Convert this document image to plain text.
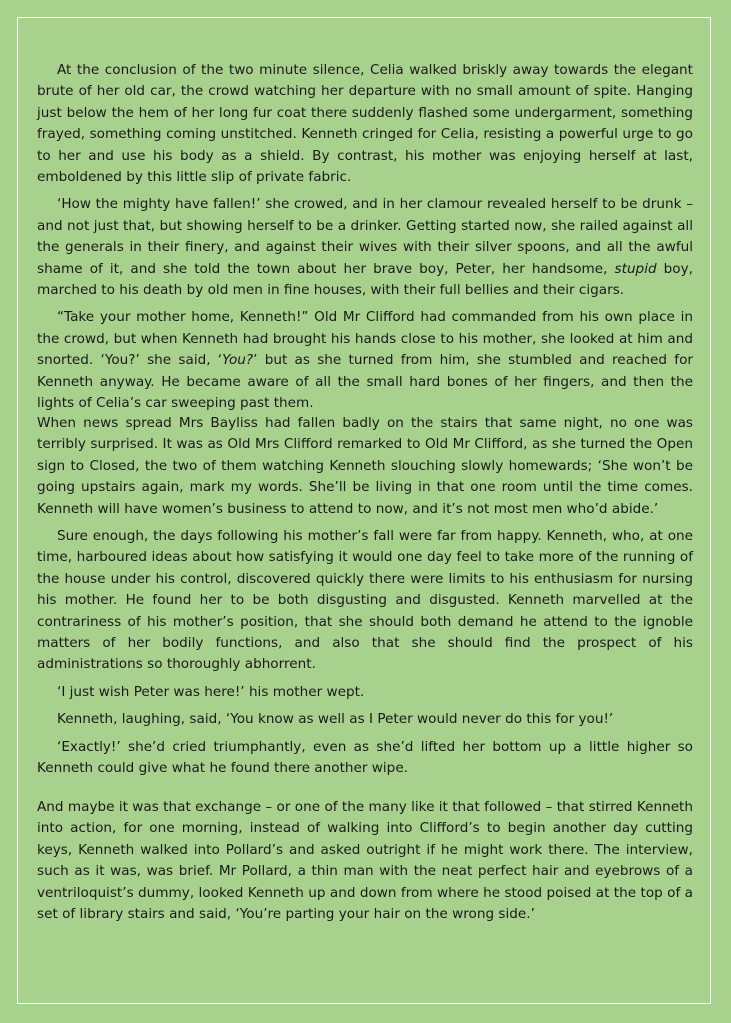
At the conclusion of the two minute silence, Celia walked briskly away towards the elegant brute of her old car, the crowd watching her departure with no small amount of spite. Hanging just below the hem of her long fur coat there suddenly flashed some undergarment, something frayed, something coming unstitched. Kenneth cringed for Celia, resisting a powerful urge to go to her and use his body as a shield. By contrast, his mother was enjoying herself at last, emboldened by this little slip of private fabric.

‘How the mighty have fallen!’ she crowed, and in her clamour revealed herself to be drunk – and not just that, but showing herself to be a drinker. Getting started now, she railed against all the generals in their finery, and against their wives with their silver spoons, and all the awful shame of it, and she told the town about her brave boy, Peter, her handsome, stupid boy, marched to his death by old men in fine houses, with their full bellies and their cigars.

“Take your mother home, Kenneth!” Old Mr Clifford had commanded from his own place in the crowd, but when Kenneth had brought his hands close to his mother, she looked at him and snorted. ‘You?’ she said, ‘You?’ but as she turned from him, she stumbled and reached for Kenneth anyway. He became aware of all the small hard bones of her fingers, and then the lights of Celia’s car sweeping past them.

When news spread Mrs Bayliss had fallen badly on the stairs that same night, no one was terribly surprised. It was as Old Mrs Clifford remarked to Old Mr Clifford, as she turned the Open sign to Closed, the two of them watching Kenneth slouching slowly homewards; ‘She won’t be going upstairs again, mark my words. She’ll be living in that one room until the time comes. Kenneth will have women’s business to attend to now, and it’s not most men who’d abide.’

Sure enough, the days following his mother’s fall were far from happy. Kenneth, who, at one time, harboured ideas about how satisfying it would one day feel to take more of the running of the house under his control, discovered quickly there were limits to his enthusiasm for nursing his mother. He found her to be both disgusting and disgusted. Kenneth marvelled at the contrariness of his mother’s position, that she should both demand he attend to the ignoble matters of her bodily functions, and also that she should find the prospect of his administrations so thoroughly abhorrent.

‘I just wish Peter was here!’ his mother wept.

Kenneth, laughing, said, ‘You know as well as I Peter would never do this for you!’

‘Exactly!’ she’d cried triumphantly, even as she’d lifted her bottom up a little higher so Kenneth could give what he found there another wipe.

And maybe it was that exchange – or one of the many like it that followed – that stirred Kenneth into action, for one morning, instead of walking into Clifford’s to begin another day cutting keys, Kenneth walked into Pollard’s and asked outright if he might work there. The interview, such as it was, was brief. Mr Pollard, a thin man with the neat perfect hair and eyebrows of a ventriloquist’s dummy, looked Kenneth up and down from where he stood poised at the top of a set of library stairs and said, ‘You’re parting your hair on the wrong side.’
